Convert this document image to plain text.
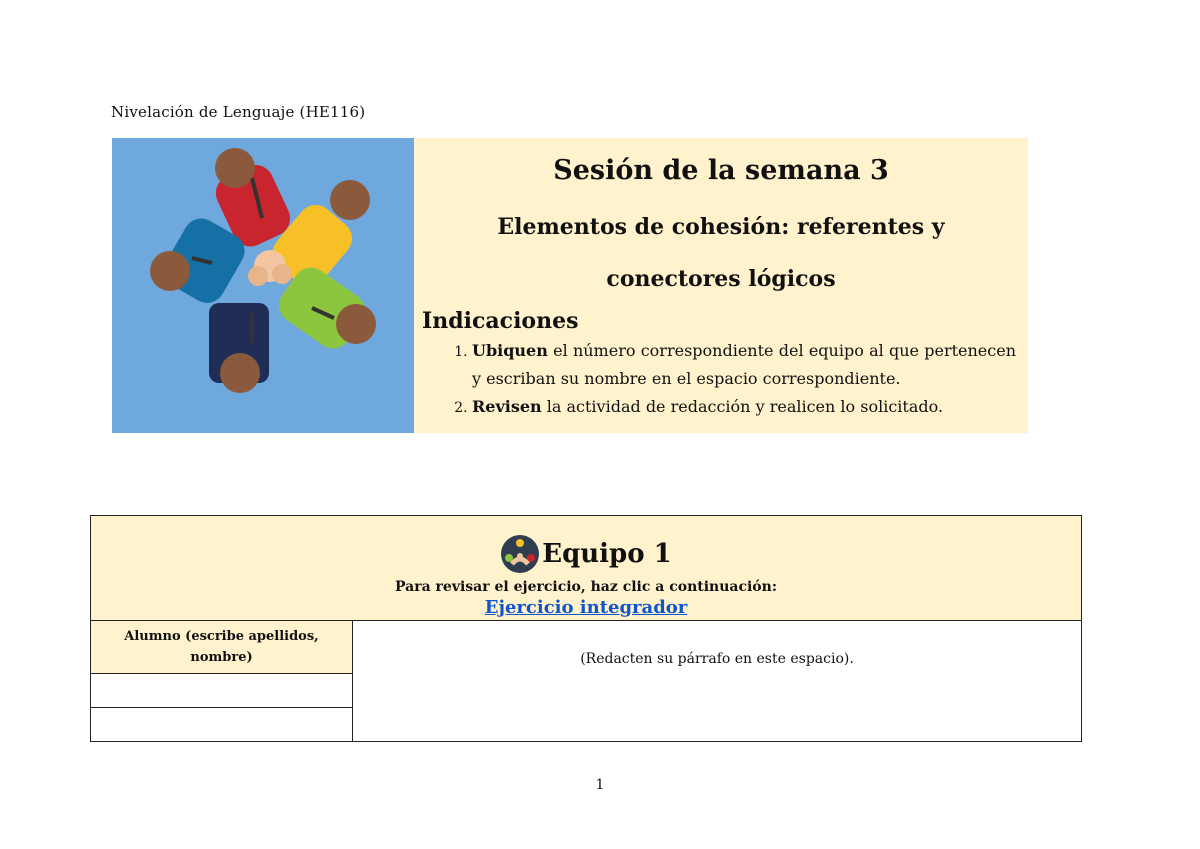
Nivelación de Lenguaje (HE116)
Sesión de la semana 3
Elementos de cohesión: referentes y
conectores lógicos
Indicaciones
1. Ubiquen el número correspondiente del equipo al que pertenecen y escriban su nombre en el espacio correspondiente.
2. Revisen la actividad de redacción y realicen lo solicitado.
Equipo 1
Para revisar el ejercicio, haz clic a continuación:
Ejercicio integrador
Alumno (escribe apellidos, nombre)	(Redacten su párrafo en este espacio).

1
